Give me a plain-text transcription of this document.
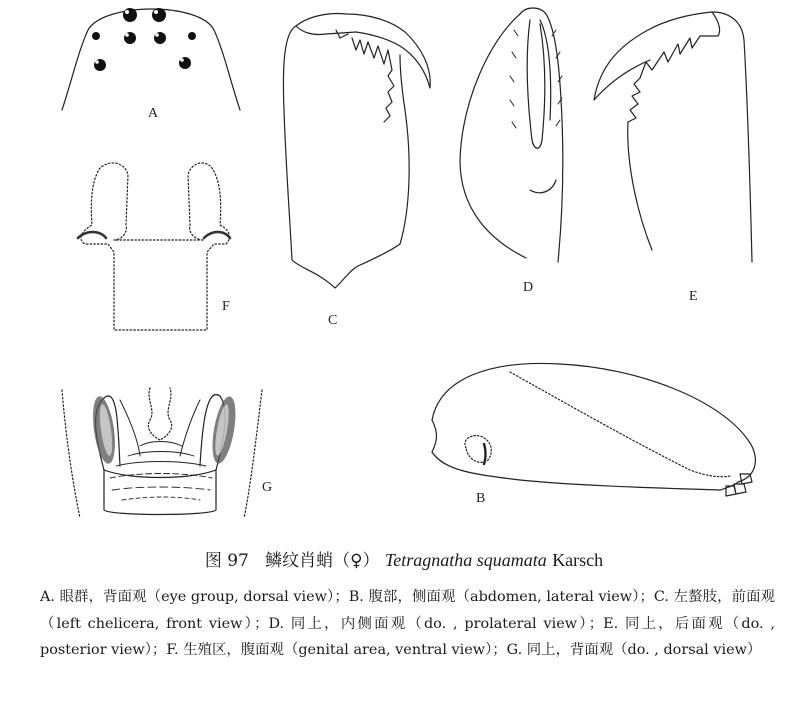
A
F
C
D
E
G
B
图 97 鳞纹肖蛸（♀） Tetragnatha squamata Karsch
A. 眼群，背面观（eye group, dorsal view）；B. 腹部，侧面观（abdomen, lateral view）；C. 左螯肢，前面观（left chelicera, front view）；D. 同上，内侧面观（do. , prolateral view）；E. 同上，后面观（do. , posterior view）；F. 生殖区，腹面观（genital area, ventral view）；G. 同上，背面观（do. , dorsal view）
